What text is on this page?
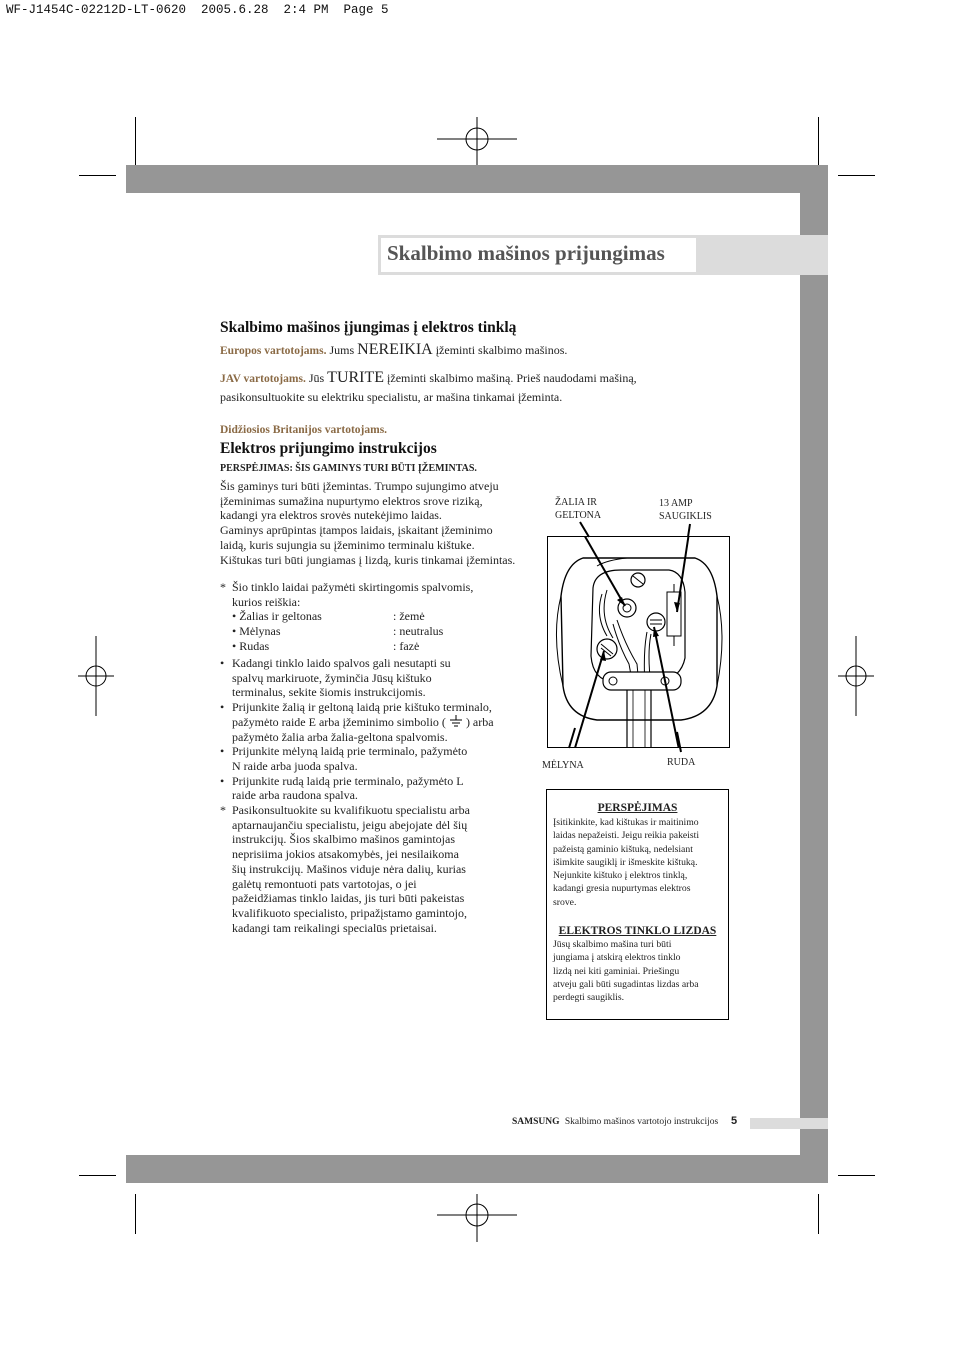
WF-J1454C-02212D-LT-0620  2005.6.28  2:4 PM  Page 5
Skalbimo mašinos prijungimas
Skalbimo mašinos įjungimas į elektros tinklą
Europos vartotojams. Jums NEREIKIA įžeminti skalbimo mašinos.
JAV vartotojams. Jūs TURITE įžeminti skalbimo mašiną. Prieš naudodami mašiną,
pasikonsultuokite su elektriku specialistu, ar mašina tinkamai įžeminta.
Didžiosios Britanijos vartotojams.
Elektros prijungimo instrukcijos
PERSPĖJIMAS: ŠIS GAMINYS TURI BŪTI ĮŽEMINTAS.
Šis gaminys turi būti įžemintas. Trumpo sujungimo atveju
įžeminimas sumažina nupurtymo elektros srove riziką,
kadangi yra elektros srovės nutekėjimo laidas.
Gaminys aprūpintas įtampos laidais, įskaitant įžeminimo
laidą, kuris sujungia su įžeminimo terminalu kištuke.
Kištukas turi būti jungiamas į lizdą, kuris tinkamai įžemintas.
* Šio tinklo laidai pažymėti skirtingomis spalvomis,
kurios reiškia:
• Žalias ir geltonas	: žemė
• Mėlynas	: neutralus
• Rudas	: fazė
• Kadangi tinklo laido spalvos gali nesutapti su
spalvų markiruote, žyminčia Jūsų kištuko
terminalus, sekite šiomis instrukcijomis.
• Prijunkite žalią ir geltoną laidą prie kištuko terminalo,
pažymėto raide E arba įžeminimo simbolio ( ) arba
pažymėto žalia arba žalia-geltona spalvomis.
• Prijunkite mėlyną laidą prie terminalo, pažymėto
N raide arba juoda spalva.
• Prijunkite rudą laidą prie terminalo, pažymėto L
raide arba raudona spalva.
* Pasikonsultuokite su kvalifikuotu specialistu arba
aptarnaujančiu specialistu, jeigu abejojate dėl šių
instrukcijų. Šios skalbimo mašinos gamintojas
neprisiima jokios atsakomybės, jei nesilaikoma
šių instrukcijų. Mašinos viduje nėra dalių, kurias
galėtų remontuoti pats vartotojas, o jei
pažeidžiamas tinklo laidas, jis turi būti pakeistas
kvalifikuoto specialisto, pripažįstamo gamintojo,
kadangi tam reikalingi specialūs prietaisai.
ŽALIA IR
GELTONA
13 AMP
SAUGIKLIS
MĖLYNA	RUDA
PERSPĖJIMAS
Įsitikinkite, kad kištukas ir maitinimo
laidas nepažeisti. Jeigu reikia pakeisti
pažeistą gaminio kištuką, nedelsiant
išimkite saugiklį ir išmeskite kištuką.
Nejunkite kištuko į elektros tinklą,
kadangi gresia nupurtymas elektros
srove.
ELEKTROS TINKLO LIZDAS
Jūsų skalbimo mašina turi būti
jungiama į atskirą elektros tinklo
lizdą nei kiti gaminiai. Priešingu
atveju gali būti sugadintas lizdas arba
perdegti saugiklis.
SAMSUNG Skalbimo mašinos vartotojo instrukcijos 5
